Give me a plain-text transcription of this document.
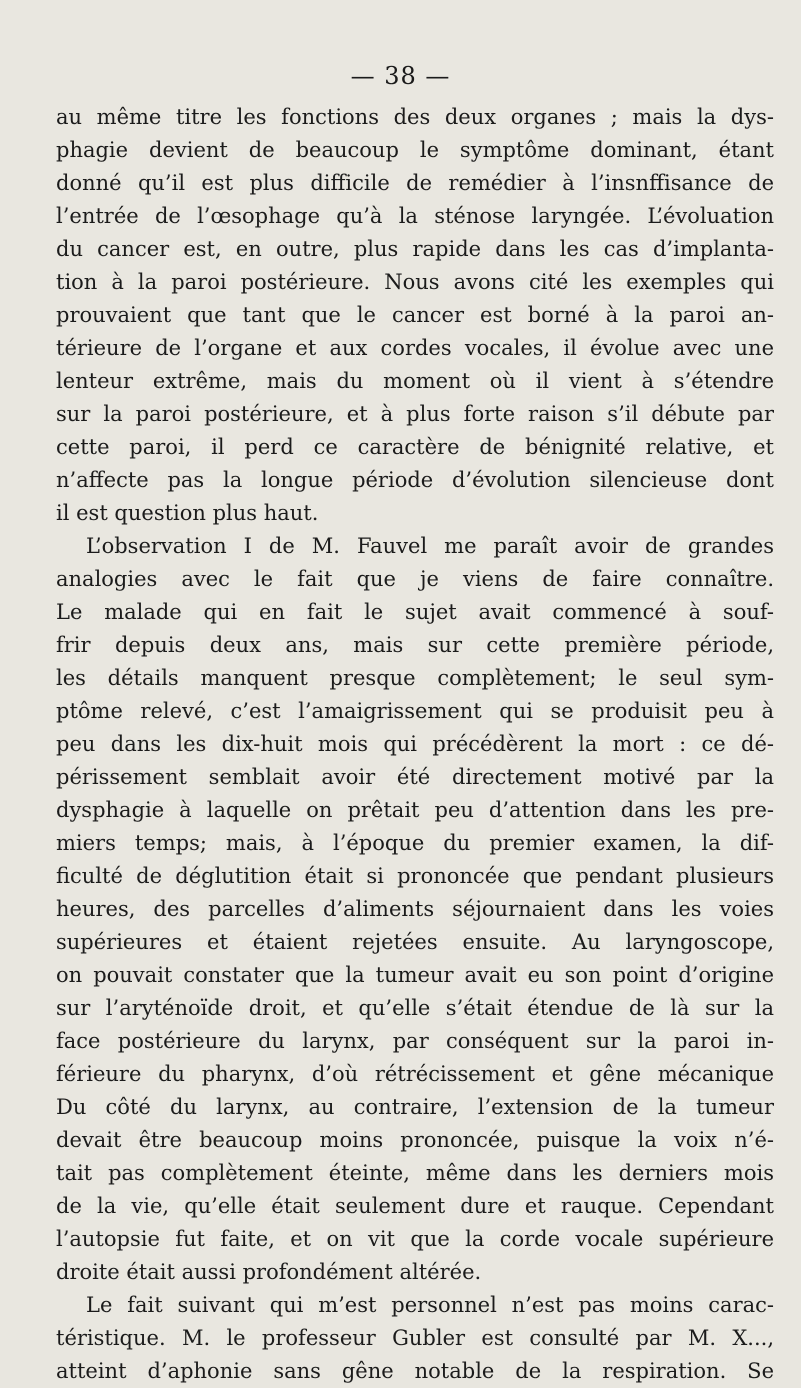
— 38 —
au même titre les fonctions des deux organes ; mais la dys-
phagie devient de beaucoup le symptôme dominant, étant
donné qu’il est plus difficile de remédier à l’insnffisance de
l’entrée de l’œsophage qu’à la sténose laryngée. L’évoluation
du cancer est, en outre, plus rapide dans les cas d’implanta-
tion à la paroi postérieure. Nous avons cité les exemples qui
prouvaient que tant que le cancer est borné à la paroi an-
térieure de l’organe et aux cordes vocales, il évolue avec une
lenteur extrême, mais du moment où il vient à s’étendre
sur la paroi postérieure, et à plus forte raison s’il débute par
cette paroi, il perd ce caractère de bénignité relative, et
n’affecte pas la longue période d’évolution silencieuse dont
il est question plus haut.
L’observation I de M. Fauvel me paraît avoir de grandes
analogies avec le fait que je viens de faire connaître.
Le malade qui en fait le sujet avait commencé à souf-
frir depuis deux ans, mais sur cette première période,
les détails manquent presque complètement; le seul sym-
ptôme relevé, c’est l’amaigrissement qui se produisit peu à
peu dans les dix-huit mois qui précédèrent la mort : ce dé-
périssement semblait avoir été directement motivé par la
dysphagie à laquelle on prêtait peu d’attention dans les pre-
miers temps; mais, à l’époque du premier examen, la dif-
ficulté de déglutition était si prononcée que pendant plusieurs
heures, des parcelles d’aliments séjournaient dans les voies
supérieures et étaient rejetées ensuite. Au laryngoscope,
on pouvait constater que la tumeur avait eu son point d’origine
sur l’aryténoïde droit, et qu’elle s’était étendue de là sur la
face postérieure du larynx, par conséquent sur la paroi in-
férieure du pharynx, d’où rétrécissement et gêne mécanique
Du côté du larynx, au contraire, l’extension de la tumeur
devait être beaucoup moins prononcée, puisque la voix n’é-
tait pas complètement éteinte, même dans les derniers mois
de la vie, qu’elle était seulement dure et rauque. Cependant
l’autopsie fut faite, et on vit que la corde vocale supérieure
droite était aussi profondément altérée.
Le fait suivant qui m’est personnel n’est pas moins carac-
téristique. M. le professeur Gubler est consulté par M. X...,
atteint d’aphonie sans gêne notable de la respiration. Se
